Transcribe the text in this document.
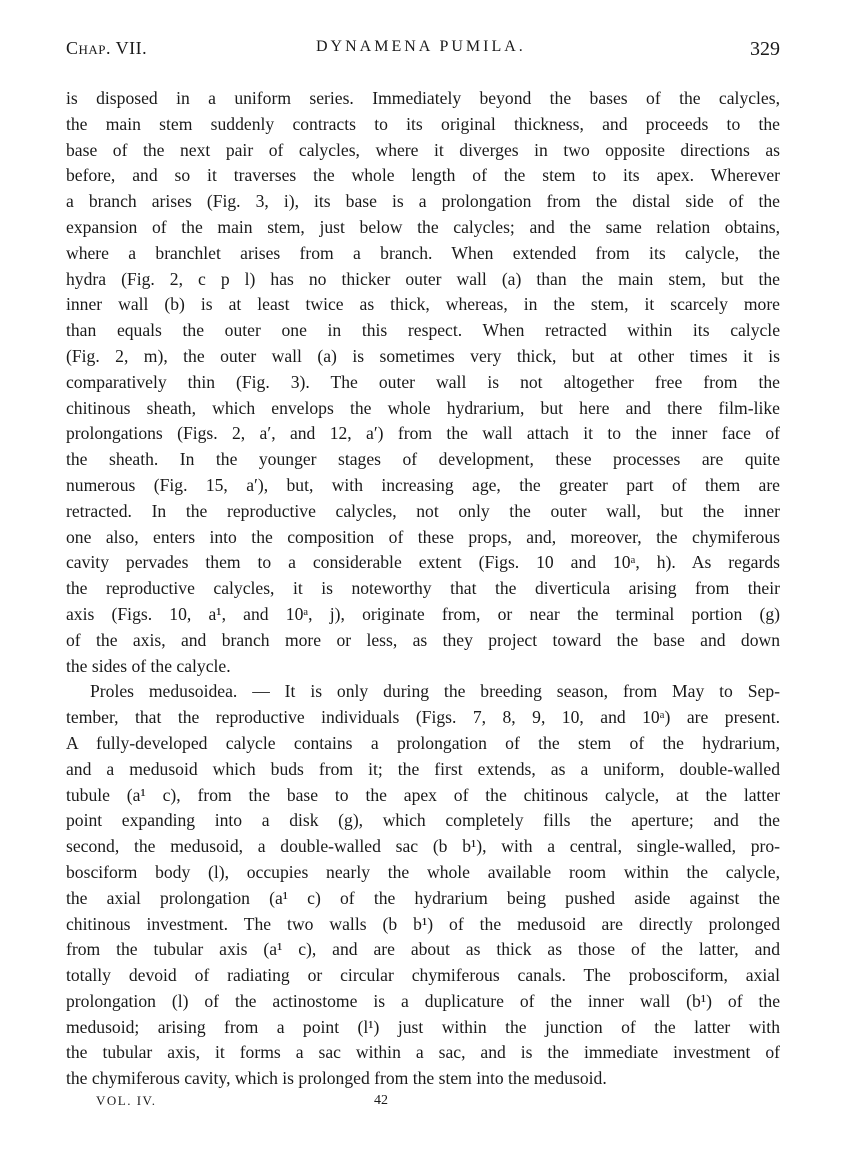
Chap. VII.	DYNAMENA PUMILA.	329
is disposed in a uniform series. Immediately beyond the bases of the calycles,
the main stem suddenly contracts to its original thickness, and proceeds to the
base of the next pair of calycles, where it diverges in two opposite directions as
before, and so it traverses the whole length of the stem to its apex. Wherever
a branch arises (Fig. 3, i), its base is a prolongation from the distal side of the
expansion of the main stem, just below the calycles; and the same relation obtains,
where a branchlet arises from a branch. When extended from its calycle, the
hydra (Fig. 2, c p l) has no thicker outer wall (a) than the main stem, but the
inner wall (b) is at least twice as thick, whereas, in the stem, it scarcely more
than equals the outer one in this respect. When retracted within its calycle
(Fig. 2, m), the outer wall (a) is sometimes very thick, but at other times it is
comparatively thin (Fig. 3). The outer wall is not altogether free from the
chitinous sheath, which envelops the whole hydrarium, but here and there film-like
prolongations (Figs. 2, a′, and 12, a′) from the wall attach it to the inner face of
the sheath. In the younger stages of development, these processes are quite
numerous (Fig. 15, a′), but, with increasing age, the greater part of them are
retracted. In the reproductive calycles, not only the outer wall, but the inner
one also, enters into the composition of these props, and, moreover, the chymiferous
cavity pervades them to a considerable extent (Figs. 10 and 10ᵃ, h). As regards
the reproductive calycles, it is noteworthy that the diverticula arising from their
axis (Figs. 10, a¹, and 10ᵃ, j), originate from, or near the terminal portion (g)
of the axis, and branch more or less, as they project toward the base and down
the sides of the calycle.
Proles medusoidea. — It is only during the breeding season, from May to Sep-
tember, that the reproductive individuals (Figs. 7, 8, 9, 10, and 10ᵃ) are present.
A fully-developed calycle contains a prolongation of the stem of the hydrarium,
and a medusoid which buds from it; the first extends, as a uniform, double-walled
tubule (a¹ c), from the base to the apex of the chitinous calycle, at the latter
point expanding into a disk (g), which completely fills the aperture; and the
second, the medusoid, a double-walled sac (b b¹), with a central, single-walled, pro-
bosciform body (l), occupies nearly the whole available room within the calycle,
the axial prolongation (a¹ c) of the hydrarium being pushed aside against the
chitinous investment. The two walls (b b¹) of the medusoid are directly prolonged
from the tubular axis (a¹ c), and are about as thick as those of the latter, and
totally devoid of radiating or circular chymiferous canals. The probosciform, axial
prolongation (l) of the actinostome is a duplicature of the inner wall (b¹) of the
medusoid; arising from a point (l¹) just within the junction of the latter with
the tubular axis, it forms a sac within a sac, and is the immediate investment of
the chymiferous cavity, which is prolonged from the stem into the medusoid.
VOL. IV.	42
